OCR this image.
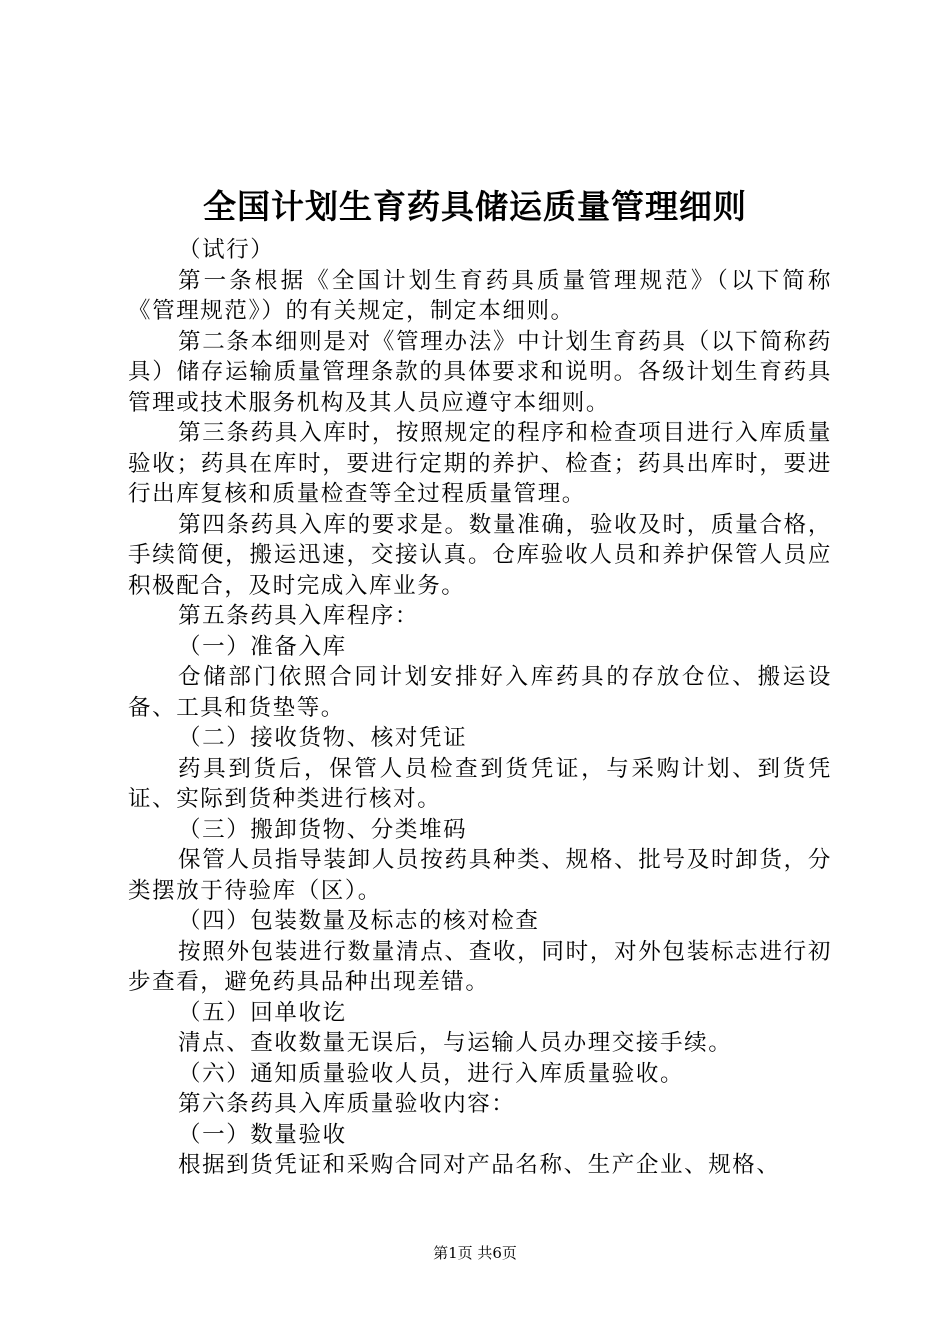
全国计划生育药具储运质量管理细则

（试行）

第一条根据《全国计划生育药具质量管理规范》（以下简称《管理规范》）的有关规定，制定本细则。

第二条本细则是对《管理办法》中计划生育药具（以下简称药具）储存运输质量管理条款的具体要求和说明。各级计划生育药具管理或技术服务机构及其人员应遵守本细则。

第三条药具入库时，按照规定的程序和检查项目进行入库质量验收；药具在库时，要进行定期的养护、检查；药具出库时，要进行出库复核和质量检查等全过程质量管理。

第四条药具入库的要求是。数量准确，验收及时，质量合格，手续简便，搬运迅速，交接认真。仓库验收人员和养护保管人员应积极配合，及时完成入库业务。

第五条药具入库程序：

（一）准备入库

仓储部门依照合同计划安排好入库药具的存放仓位、搬运设备、工具和货垫等。

（二）接收货物、核对凭证

药具到货后，保管人员检查到货凭证，与采购计划、到货凭证、实际到货种类进行核对。

（三）搬卸货物、分类堆码

保管人员指导装卸人员按药具种类、规格、批号及时卸货，分类摆放于待验库（区）。

（四）包装数量及标志的核对检查

按照外包装进行数量清点、查收，同时，对外包装标志进行初步查看，避免药具品种出现差错。

（五）回单收讫

清点、查收数量无误后，与运输人员办理交接手续。

（六）通知质量验收人员，进行入库质量验收。

第六条药具入库质量验收内容：

（一）数量验收

根据到货凭证和采购合同对产品名称、生产企业、规格、

第1页 共6页
